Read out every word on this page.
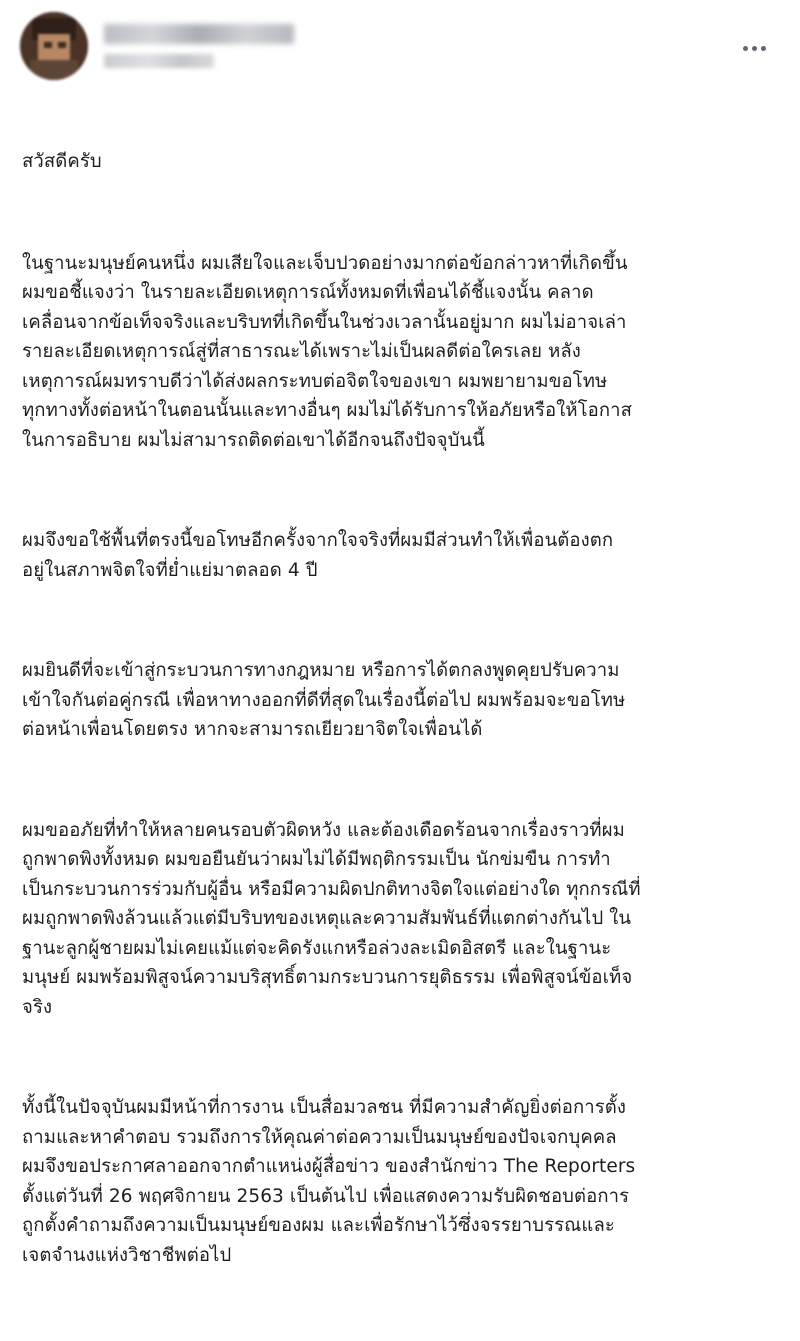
สวัสดีครับ

ในฐานะมนุษย์คนหนึ่ง ผมเสียใจและเจ็บปวดอย่างมากต่อข้อกล่าวหาที่เกิดขึ้น
ผมขอชี้แจงว่า ในรายละเอียดเหตุการณ์ทั้งหมดที่เพื่อนได้ชี้แจงนั้น คลาด
เคลื่อนจากข้อเท็จจริงและบริบทที่เกิดขึ้นในช่วงเวลานั้นอยู่มาก ผมไม่อาจเล่า
รายละเอียดเหตุการณ์สู่ที่สาธารณะได้เพราะไม่เป็นผลดีต่อใครเลย หลัง
เหตุการณ์ผมทราบดีว่าได้ส่งผลกระทบต่อจิตใจของเขา ผมพยายามขอโทษ
ทุกทางทั้งต่อหน้าในตอนนั้นและทางอื่นๆ ผมไม่ได้รับการให้อภัยหรือให้โอกาส
ในการอธิบาย ผมไม่สามารถติดต่อเขาได้อีกจนถึงปัจจุบันนี้

ผมจึงขอใช้พื้นที่ตรงนี้ขอโทษอีกครั้งจากใจจริงที่ผมมีส่วนทำให้เพื่อนต้องตก
อยู่ในสภาพจิตใจที่ย่ำแย่มาตลอด 4 ปี

ผมยินดีที่จะเข้าสู่กระบวนการทางกฎหมาย หรือการได้ตกลงพูดคุยปรับความ
เข้าใจกันต่อคู่กรณี เพื่อหาทางออกที่ดีที่สุดในเรื่องนี้ต่อไป ผมพร้อมจะขอโทษ
ต่อหน้าเพื่อนโดยตรง หากจะสามารถเยียวยาจิตใจเพื่อนได้

ผมขออภัยที่ทำให้หลายคนรอบตัวผิดหวัง และต้องเดือดร้อนจากเรื่องราวที่ผม
ถูกพาดพิงทั้งหมด ผมขอยืนยันว่าผมไม่ได้มีพฤติกรรมเป็น นักข่มขืน การทำ
เป็นกระบวนการร่วมกับผู้อื่น หรือมีความผิดปกติทางจิตใจแต่อย่างใด ทุกกรณีที่
ผมถูกพาดพิงล้วนแล้วแต่มีบริบทของเหตุและความสัมพันธ์ที่แตกต่างกันไป ใน
ฐานะลูกผู้ชายผมไม่เคยแม้แต่จะคิดรังแกหรือล่วงละเมิดอิสตรี และในฐานะ
มนุษย์ ผมพร้อมพิสูจน์ความบริสุทธิ์ตามกระบวนการยุติธรรม เพื่อพิสูจน์ข้อเท็จ
จริง

ทั้งนี้ในปัจจุบันผมมีหน้าที่การงาน เป็นสื่อมวลชน ที่มีความสำคัญยิ่งต่อการตั้ง
ถามและหาคำตอบ รวมถึงการให้คุณค่าต่อความเป็นมนุษย์ของปัจเจกบุคคล
ผมจึงขอประกาศลาออกจากตำแหน่งผู้สื่อข่าว ของสำนักข่าว The Reporters
ตั้งแต่วันที่ 26 พฤศจิกายน 2563 เป็นต้นไป เพื่อแสดงความรับผิดชอบต่อการ
ถูกตั้งคำถามถึงความเป็นมนุษย์ของผม และเพื่อรักษาไว้ซึ่งจรรยาบรรณและ
เจตจำนงแห่งวิชาชีพต่อไป
